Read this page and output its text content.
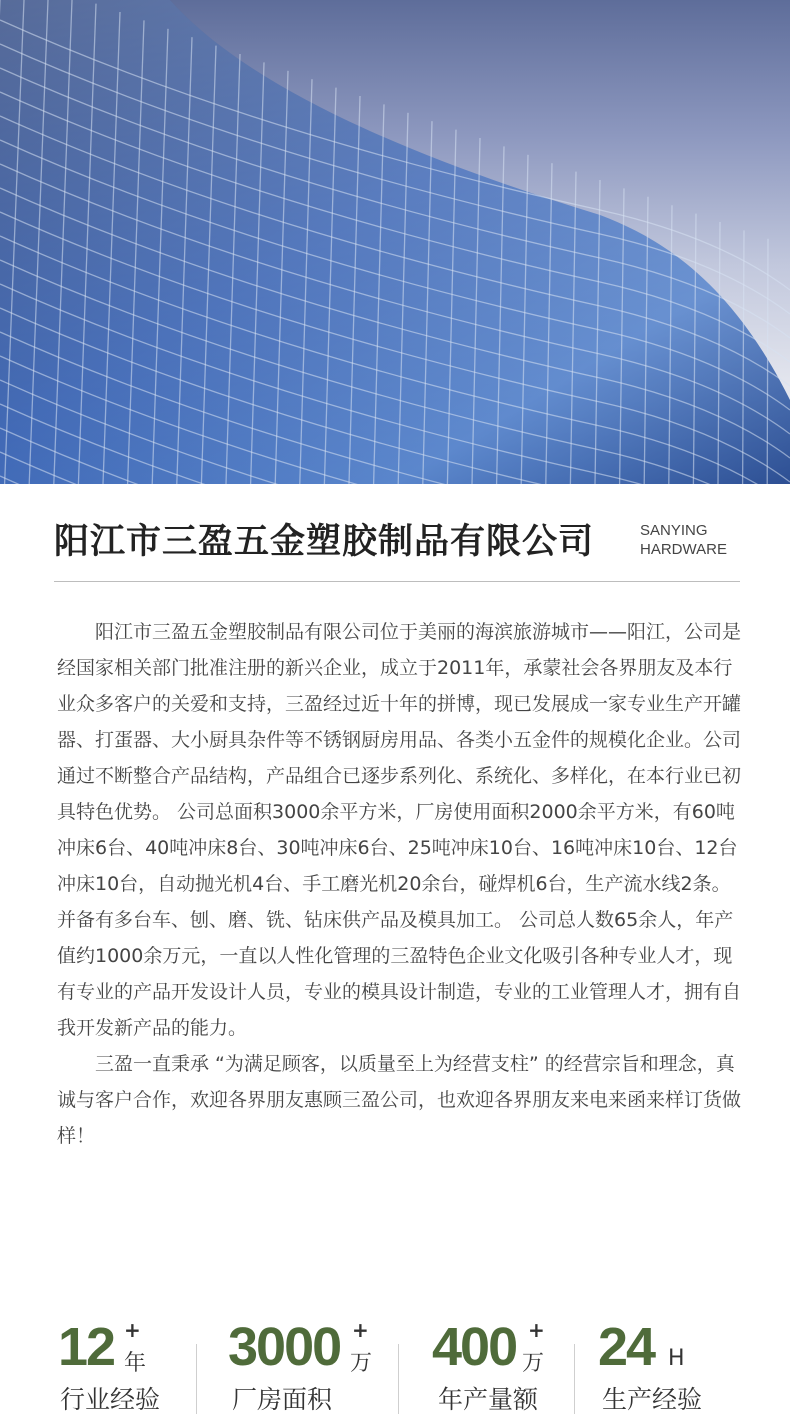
阳江市三盈五金塑胶制品有限公司	SANYING
HARDWARE

阳江市三盈五金塑胶制品有限公司位于美丽的海滨旅游城市——阳江，公司是经国家相关部门批准注册的新兴企业，成立于2011年，承蒙社会各界朋友及本行业众多客户的关爱和支持，三盈经过近十年的拼博，现已发展成一家专业生产开罐器、打蛋器、大小厨具杂件等不锈钢厨房用品、各类小五金件的规模化企业。公司通过不断整合产品结构，产品组合已逐步系列化、系统化、多样化，在本行业已初具特色优势。 公司总面积3000余平方米，厂房使用面积2000余平方米，有60吨冲床6台、40吨冲床8台、30吨冲床6台、25吨冲床10台、16吨冲床10台、12台冲床10台，自动抛光机4台、手工磨光机20余台，碰焊机6台，生产流水线2条。并备有多台车、刨、磨、铣、钻床供产品及模具加工。 公司总人数65余人，年产值约1000余万元，一直以人性化管理的三盈特色企业文化吸引各种专业人才，现有专业的产品开发设计人员，专业的模具设计制造，专业的工业管理人才，拥有自我开发新产品的能力。

三盈一直秉承 “为满足顾客，以质量至上为经营支柱” 的经营宗旨和理念，真诚与客户合作，欢迎各界朋友惠顾三盈公司，也欢迎各界朋友来电来函来样订货做样！

12 +
年
行业经验
3000 +
万
厂房面积
400 +
万
年产量额
24 H
生产经验
